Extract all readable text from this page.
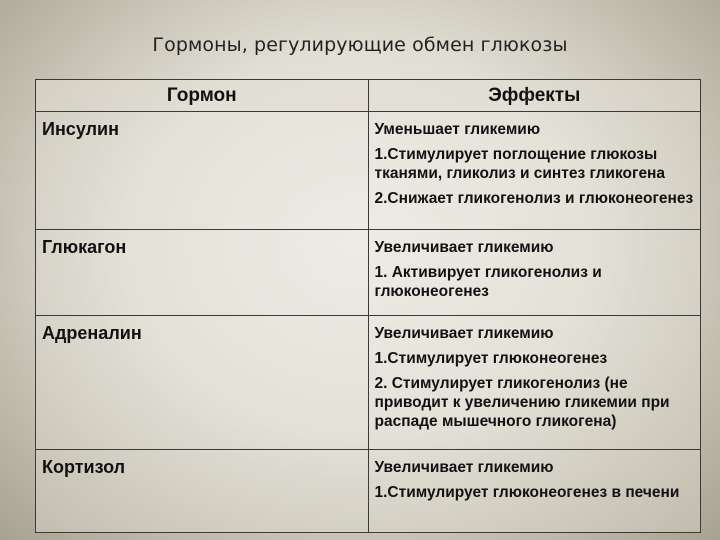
Гормоны, регулирующие обмен глюкозы
Гормон	Эффекты
Инсулин	Уменьшает гликемию

1.Стимулирует поглощение глюкозы тканями, гликолиз и синтез гликогена

2.Снижает гликогенолиз и глюконеогенез

Глюкагон	Увеличивает гликемию

1. Активирует гликогенолиз и глюконеогенез

Адреналин	Увеличивает гликемию

1.Стимулирует глюконеогенез

2. Стимулирует гликогенолиз (не приводит к увеличению гликемии при распаде мышечного гликогена)

Кортизол	Увеличивает гликемию

1.Стимулирует глюконеогенез в печени
